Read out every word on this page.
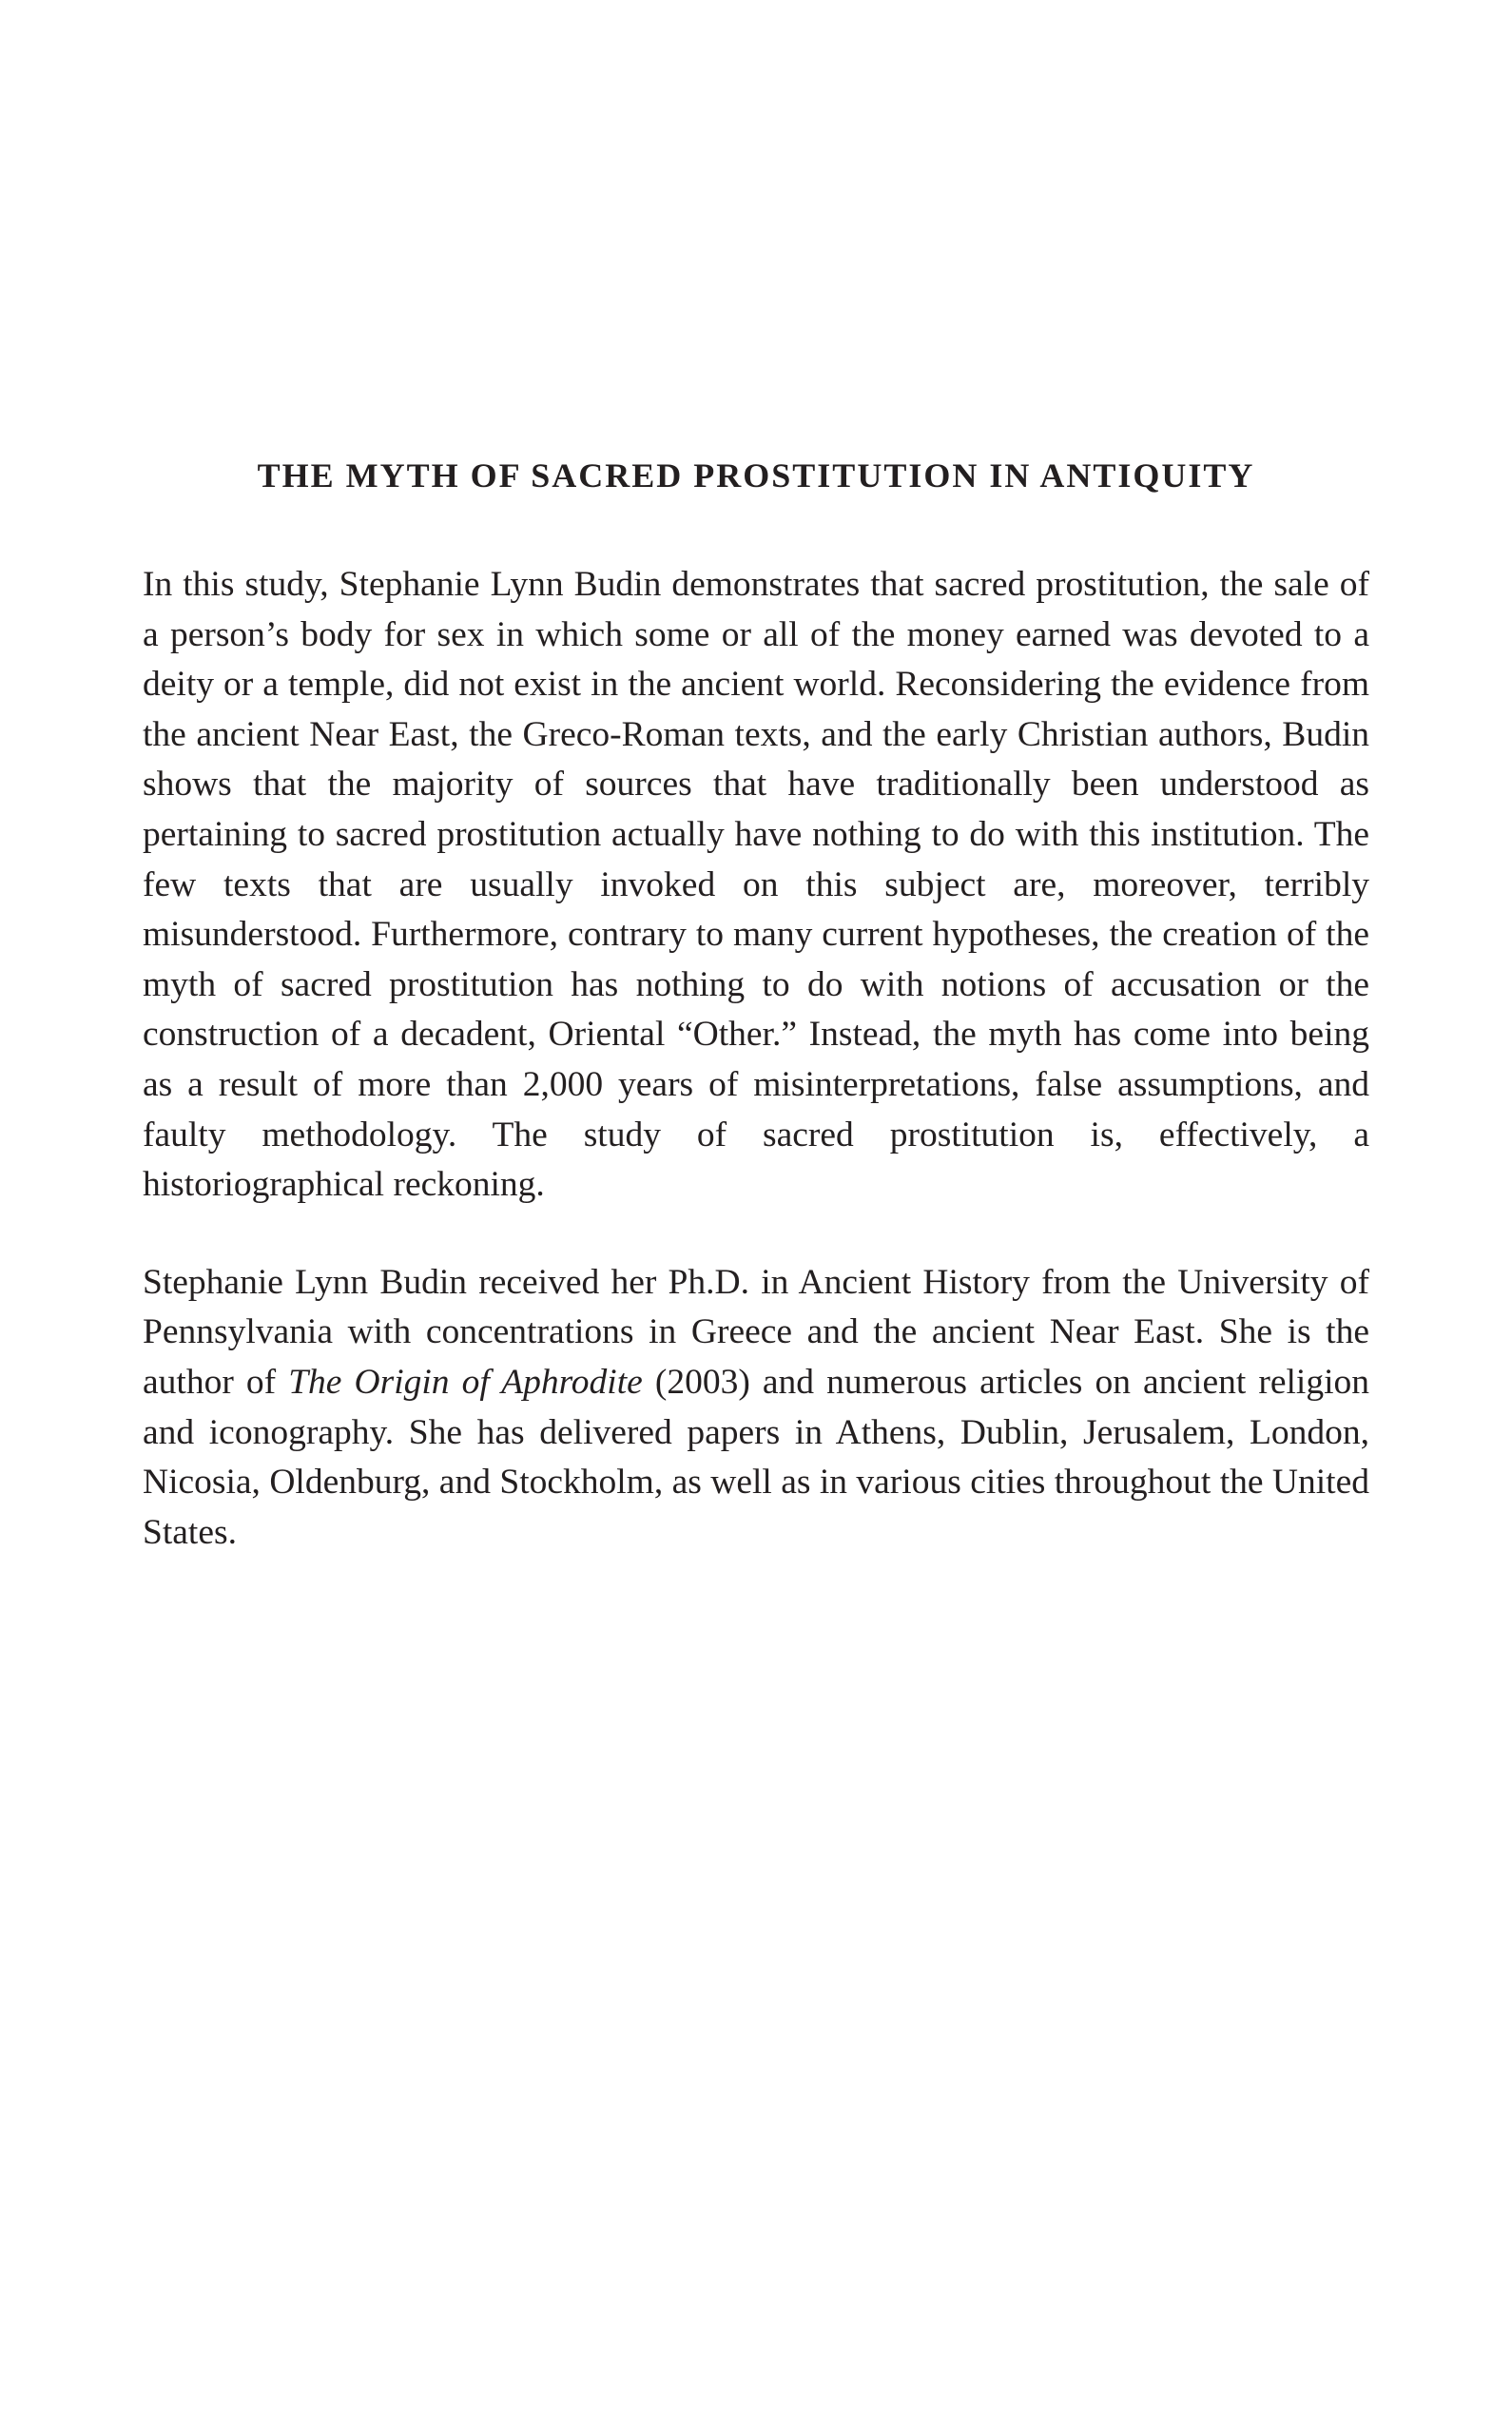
THE MYTH OF SACRED PROSTITUTION IN ANTIQUITY

In this study, Stephanie Lynn Budin demonstrates that sacred prostitution, the sale of a person’s body for sex in which some or all of the money earned was devoted to a deity or a temple, did not exist in the ancient world. Reconsidering the evidence from the ancient Near East, the Greco-Roman texts, and the early Christian authors, Budin shows that the majority of sources that have traditionally been understood as pertaining to sacred prostitution actually have nothing to do with this institution. The few texts that are usually invoked on this subject are, moreover, terribly misunderstood. Furthermore, contrary to many current hypotheses, the creation of the myth of sacred prostitution has nothing to do with notions of accusation or the construction of a decadent, Oriental “Other.” Instead, the myth has come into being as a result of more than 2,000 years of misinterpretations, false assumptions, and faulty methodology. The study of sacred prostitution is, effectively, a historiographical reckoning.

Stephanie Lynn Budin received her Ph.D. in Ancient History from the University of Pennsylvania with concentrations in Greece and the ancient Near East. She is the author of The Origin of Aphrodite (2003) and numerous articles on ancient religion and iconography. She has delivered papers in Athens, Dublin, Jerusalem, London, Nicosia, Oldenburg, and Stockholm, as well as in various cities throughout the United States.
